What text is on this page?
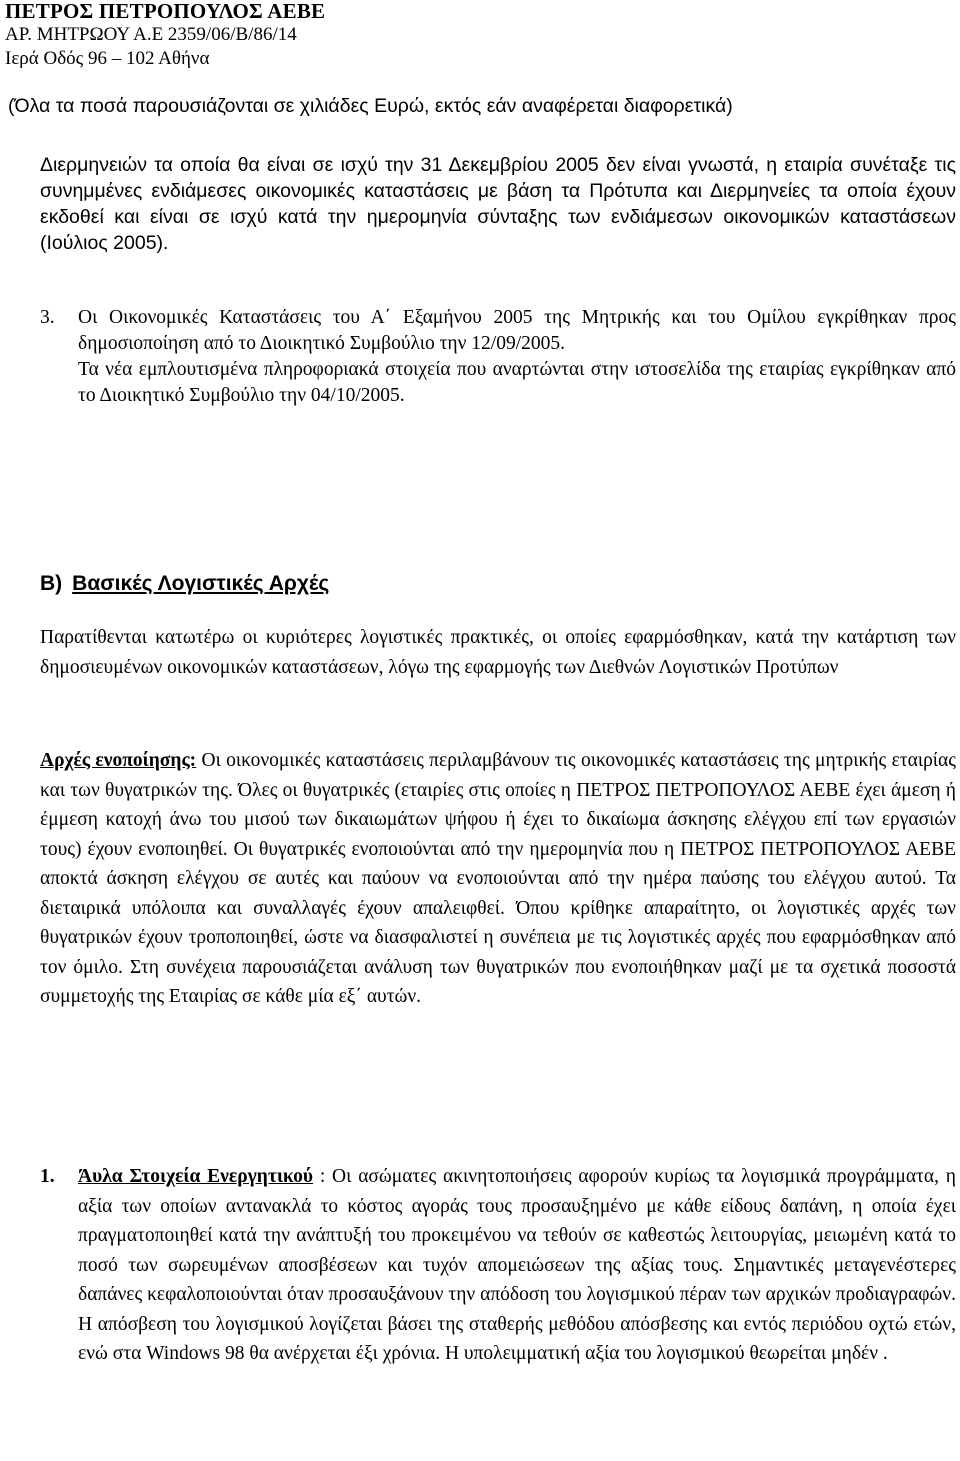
ΠΕΤΡΟΣ ΠΕΤΡΟΠΟΥΛΟΣ ΑΕΒΕ
ΑΡ. ΜΗΤΡΩΟΥ Α.Ε 2359/06/Β/86/14
Ιερά Οδός 96 – 102 Αθήνα
(Όλα τα ποσά παρουσιάζονται σε χιλιάδες Ευρώ, εκτός εάν αναφέρεται διαφορετικά)
Διερμηνειών τα οποία θα είναι σε ισχύ την 31 Δεκεμβρίου 2005 δεν είναι γνωστά, η εταιρία συνέταξε τις συνημμένες ενδιάμεσες οικονομικές καταστάσεις με βάση τα Πρότυπα και Διερμηνείες τα οποία έχουν εκδοθεί και είναι σε ισχύ κατά την ημερομηνία σύνταξης των ενδιάμεσων οικονομικών καταστάσεων (Ιούλιος 2005).
3. Οι Οικονομικές Καταστάσεις του Α΄ Εξαμήνου 2005 της Μητρικής και του Ομίλου εγκρίθηκαν προς δημοσιοποίηση από το Διοικητικό Συμβούλιο την 12/09/2005.
Τα νέα εμπλουτισμένα πληροφοριακά στοιχεία που αναρτώνται στην ιστοσελίδα της εταιρίας εγκρίθηκαν από το Διοικητικό Συμβούλιο την 04/10/2005.
Β) Βασικές Λογιστικές Αρχές
Παρατίθενται κατωτέρω οι κυριότερες λογιστικές πρακτικές, οι οποίες εφαρμόσθηκαν, κατά την κατάρτιση των δημοσιευμένων οικονομικών καταστάσεων, λόγω της εφαρμογής των Διεθνών Λογιστικών Προτύπων
Αρχές ενοποίησης: Οι οικονομικές καταστάσεις περιλαμβάνουν τις οικονομικές καταστάσεις της μητρικής εταιρίας και των θυγατρικών της. Όλες οι θυγατρικές (εταιρίες στις οποίες η ΠΕΤΡΟΣ ΠΕΤΡΟΠΟΥΛΟΣ ΑΕΒΕ έχει άμεση ή έμμεση κατοχή άνω του μισού των δικαιωμάτων ψήφου ή έχει το δικαίωμα άσκησης ελέγχου επί των εργασιών τους) έχουν ενοποιηθεί. Οι θυγατρικές ενοποιούνται από την ημερομηνία που η ΠΕΤΡΟΣ ΠΕΤΡΟΠΟΥΛΟΣ ΑΕΒΕ αποκτά άσκηση ελέγχου σε αυτές και παύουν να ενοποιούνται από την ημέρα παύσης του ελέγχου αυτού. Τα διεταιρικά υπόλοιπα και συναλλαγές έχουν απαλειφθεί. Όπου κρίθηκε απαραίτητο, οι λογιστικές αρχές των θυγατρικών έχουν τροποποιηθεί, ώστε να διασφαλιστεί η συνέπεια με τις λογιστικές αρχές που εφαρμόσθηκαν από τον όμιλο. Στη συνέχεια παρουσιάζεται ανάλυση των θυγατρικών που ενοποιήθηκαν μαζί με τα σχετικά ποσοστά συμμετοχής της Εταιρίας σε κάθε μία εξ΄ αυτών.
1. Άυλα Στοιχεία Ενεργητικού : Οι ασώματες ακινητοποιήσεις αφορούν κυρίως τα λογισμικά προγράμματα, η αξία των οποίων αντανακλά το κόστος αγοράς τους προσαυξημένο με κάθε είδους δαπάνη, η οποία έχει πραγματοποιηθεί κατά την ανάπτυξή του προκειμένου να τεθούν σε καθεστώς λειτουργίας, μειωμένη κατά το ποσό των σωρευμένων αποσβέσεων και τυχόν απομειώσεων της αξίας τους. Σημαντικές μεταγενέστερες δαπάνες κεφαλοποιούνται όταν προσαυξάνουν την απόδοση του λογισμικού πέραν των αρχικών προδιαγραφών. Η απόσβεση του λογισμικού λογίζεται βάσει της σταθερής μεθόδου απόσβεσης και εντός περιόδου οχτώ ετών, ενώ στα Windows 98 θα ανέρχεται έξι χρόνια. Η υπολειμματική αξία του λογισμικού θεωρείται μηδέν .
